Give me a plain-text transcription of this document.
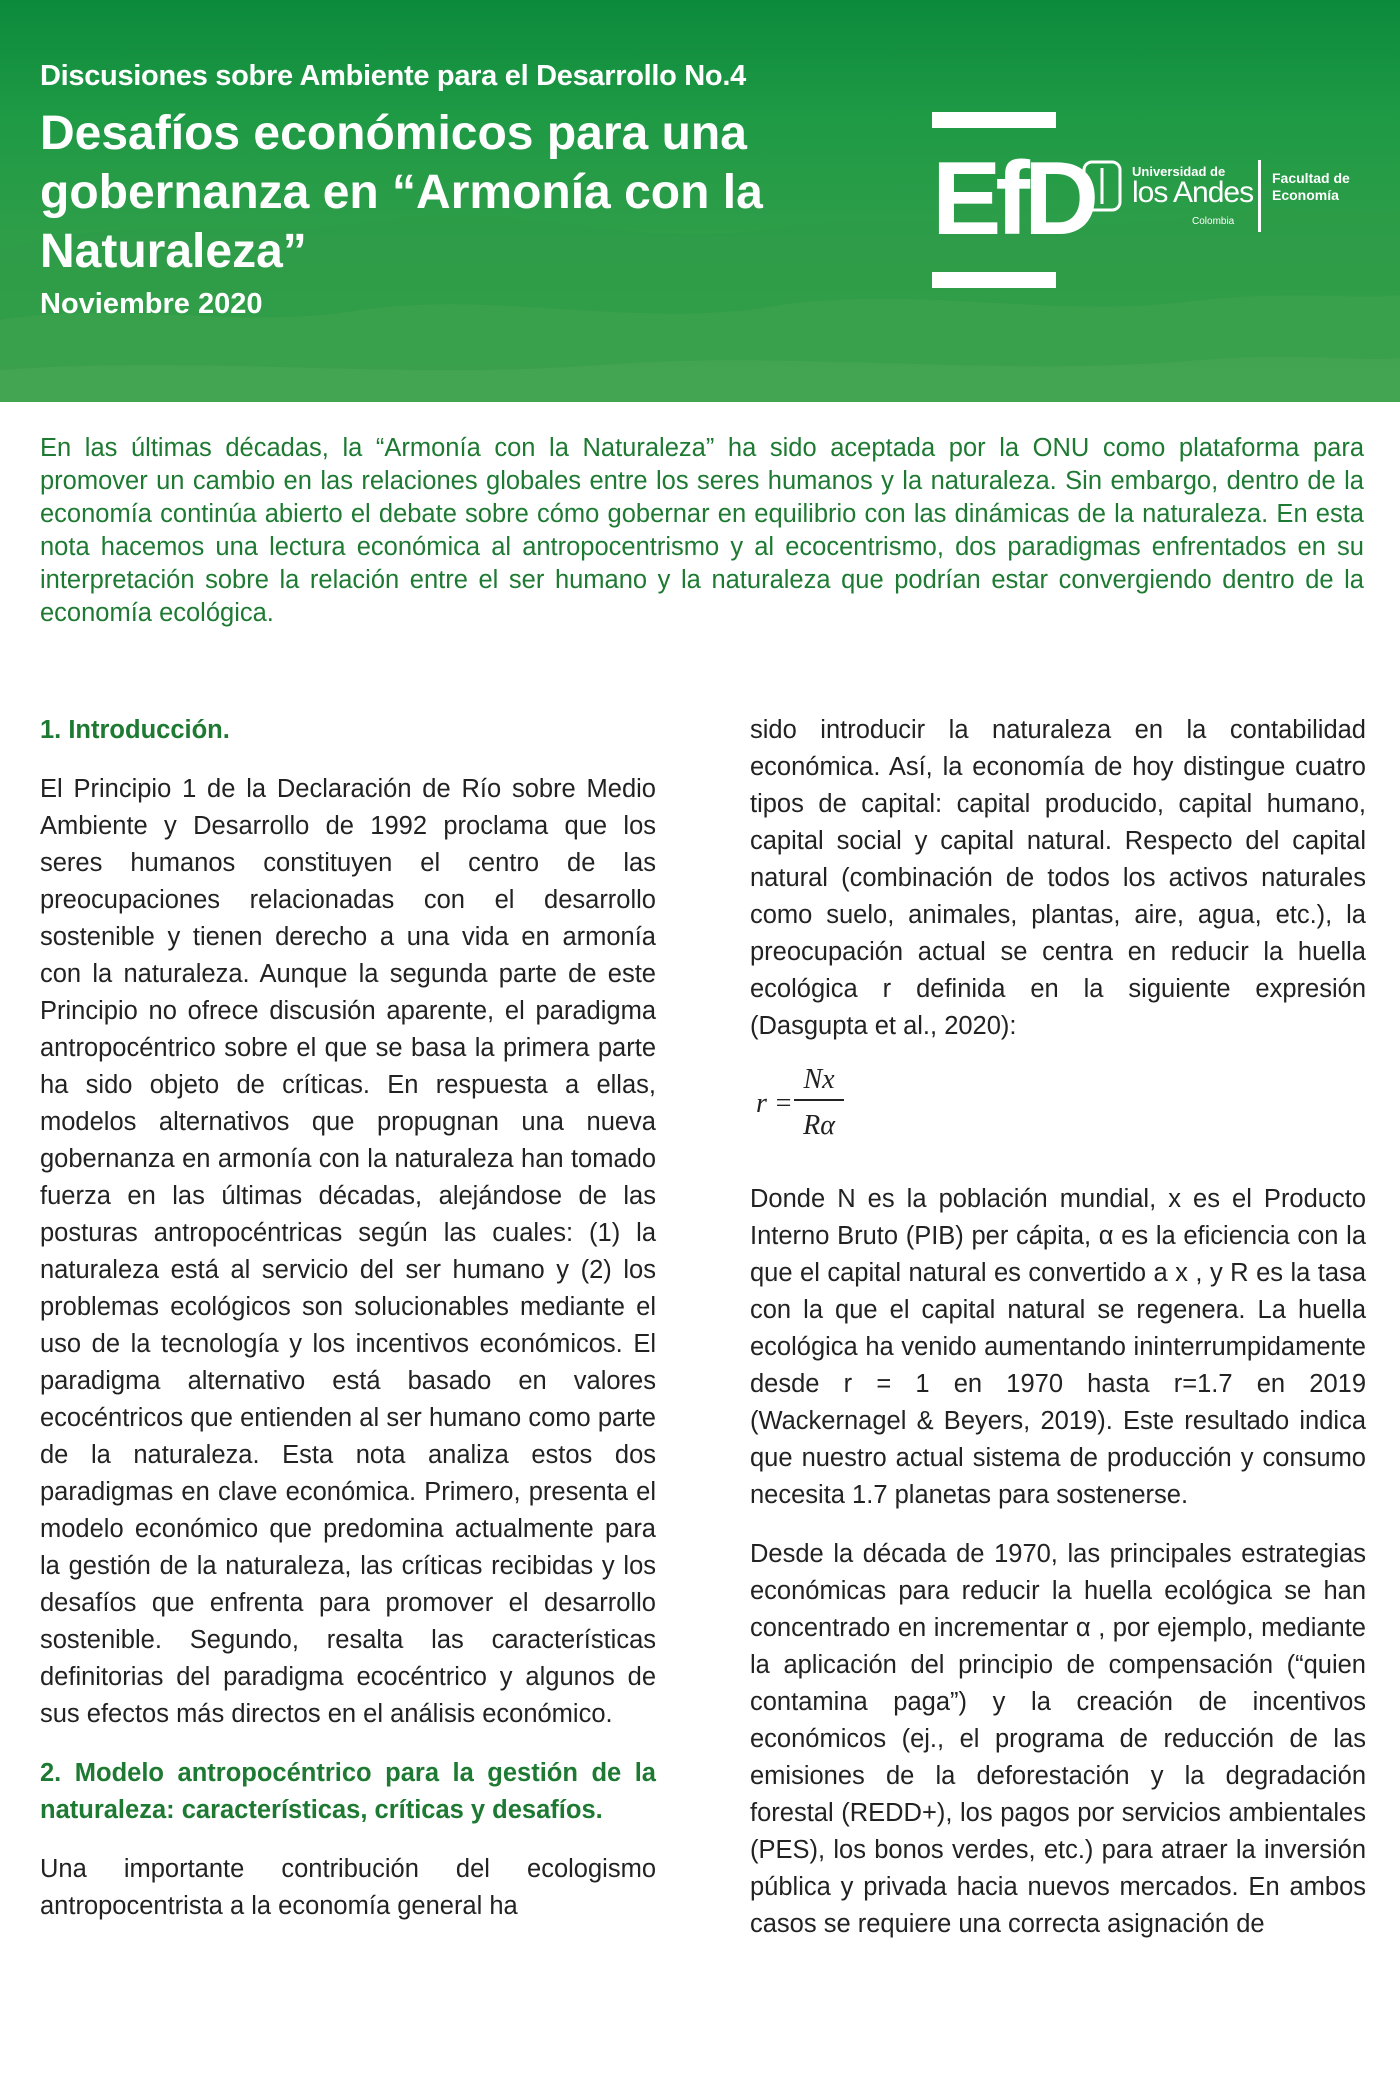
Discusiones sobre Ambiente para el Desarrollo No.4
Desafíos económicos para una gobernanza en “Armonía con la Naturaleza”
Noviembre 2020
EfD	Universidad de
los Andes
Colombia
Facultad de Economía

En las últimas décadas, la “Armonía con la Naturaleza” ha sido aceptada por la ONU como plataforma para promover un cambio en las relaciones globales entre los seres humanos y la naturaleza. Sin embargo, dentro de la economía continúa abierto el debate sobre cómo gobernar en equilibrio con las dinámicas de la naturaleza. En esta nota hacemos una lectura económica al antropocentrismo y al ecocentrismo, dos paradigmas enfrentados en su interpretación sobre la relación entre el ser humano y la naturaleza que podrían estar convergiendo dentro de la economía ecológica.

1. Introducción.

El Principio 1 de la Declaración de Río sobre Medio Ambiente y Desarrollo de 1992 proclama que los seres humanos constituyen el centro de las preocupaciones relacionadas con el desarrollo sostenible y tienen derecho a una vida en armonía con la naturaleza. Aunque la segunda parte de este Principio no ofrece discusión aparente, el paradigma antropocéntrico sobre el que se basa la primera parte ha sido objeto de críticas. En respuesta a ellas, modelos alternativos que propugnan una nueva gobernanza en armonía con la naturaleza han tomado fuerza en las últimas décadas, alejándose de las posturas antropocéntricas según las cuales: (1) la naturaleza está al servicio del ser humano y (2) los problemas ecológicos son solucionables mediante el uso de la tecnología y los incentivos económicos. El paradigma alternativo está basado en valores ecocéntricos que entienden al ser humano como parte de la naturaleza. Esta nota analiza estos dos paradigmas en clave económica. Primero, presenta el modelo económico que predomina actualmente para la gestión de la naturaleza, las críticas recibidas y los desafíos que enfrenta para promover el desarrollo sostenible. Segundo, resalta las características definitorias del paradigma ecocéntrico y algunos de sus efectos más directos en el análisis económico.

2. Modelo antropocéntrico para la gestión de la naturaleza: características, críticas y desafíos.

Una importante contribución del ecologismo antropocentrista a la economía general ha

sido introducir la naturaleza en la contabilidad económica. Así, la economía de hoy distingue cuatro tipos de capital: capital producido, capital humano, capital social y capital natural. Respecto del capital natural (combinación de todos los activos naturales como suelo, animales, plantas, aire, agua, etc.), la preocupación actual se centra en reducir la huella ecológica r definida en la siguiente expresión (Dasgupta et al., 2020):

r =
Nx
Rα

Donde N es la población mundial, x es el Producto Interno Bruto (PIB) per cápita, α es la eficiencia con la que el capital natural es convertido a x , y R es la tasa con la que el capital natural se regenera. La huella ecológica ha venido aumentando ininterrumpidamente desde r = 1 en 1970 hasta r=1.7 en 2019 (Wackernagel & Beyers, 2019). Este resultado indica que nuestro actual sistema de producción y consumo necesita 1.7 planetas para sostenerse.

Desde la década de 1970, las principales estrategias económicas para reducir la huella ecológica se han concentrado en incrementar α , por ejemplo, mediante la aplicación del principio de compensación (“quien contamina paga”) y la creación de incentivos económicos (ej., el programa de reducción de las emisiones de la deforestación y la degradación forestal (REDD+), los pagos por servicios ambientales (PES), los bonos verdes, etc.) para atraer la inversión pública y privada hacia nuevos mercados. En ambos casos se requiere una correcta asignación de
